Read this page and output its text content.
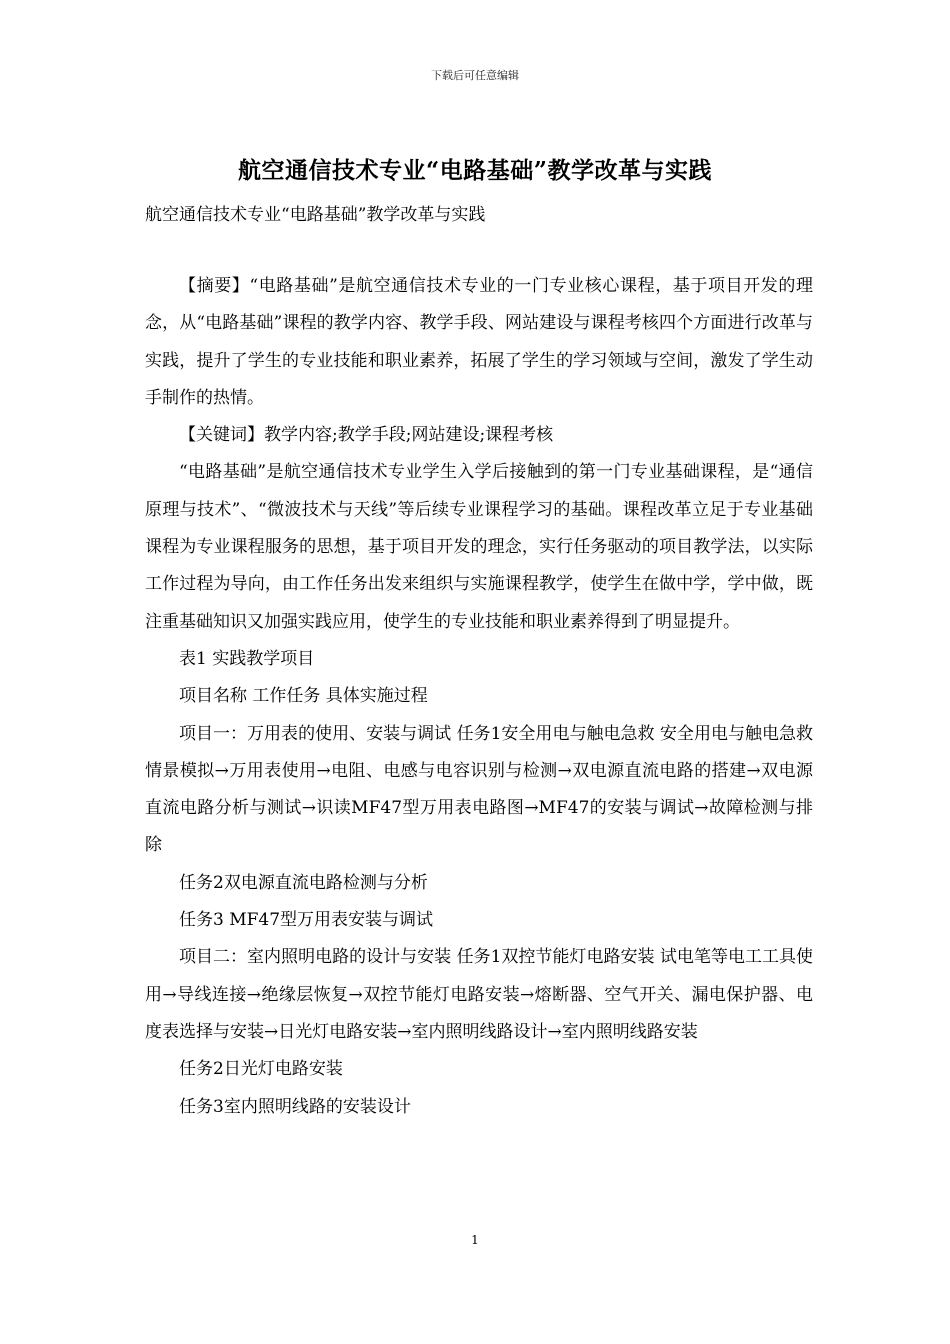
下载后可任意编辑
航空通信技术专业“电路基础”教学改革与实践
航空通信技术专业“电路基础”教学改革与实践

【摘要】“电路基础”是航空通信技术专业的一门专业核心课程，基于项目开发的理念，从“电路基础”课程的教学内容、教学手段、网站建设与课程考核四个方面进行改革与实践，提升了学生的专业技能和职业素养，拓展了学生的学习领域与空间，激发了学生动手制作的热情。

【关键词】教学内容;教学手段;网站建设;课程考核

“电路基础”是航空通信技术专业学生入学后接触到的第一门专业基础课程，是“通信原理与技术”、“微波技术与天线”等后续专业课程学习的基础。课程改革立足于专业基础课程为专业课程服务的思想，基于项目开发的理念，实行任务驱动的项目教学法，以实际工作过程为导向，由工作任务出发来组织与实施课程教学，使学生在做中学，学中做，既注重基础知识又加强实践应用，使学生的专业技能和职业素养得到了明显提升。

表1 实践教学项目

项目名称 工作任务 具体实施过程

项目一：万用表的使用、安装与调试 任务1安全用电与触电急救 安全用电与触电急救情景模拟→万用表使用→电阻、电感与电容识别与检测→双电源直流电路的搭建→双电源直流电路分析与测试→识读MF47型万用表电路图→MF47的安装与调试→故障检测与排除

任务2双电源直流电路检测与分析

任务3 MF47型万用表安装与调试

项目二：室内照明电路的设计与安装 任务1双控节能灯电路安装 试电笔等电工工具使用→导线连接→绝缘层恢复→双控节能灯电路安装→熔断器、空气开关、漏电保护器、电度表选择与安装→日光灯电路安装→室内照明线路设计→室内照明线路安装

任务2日光灯电路安装

任务3室内照明线路的安装设计

1
